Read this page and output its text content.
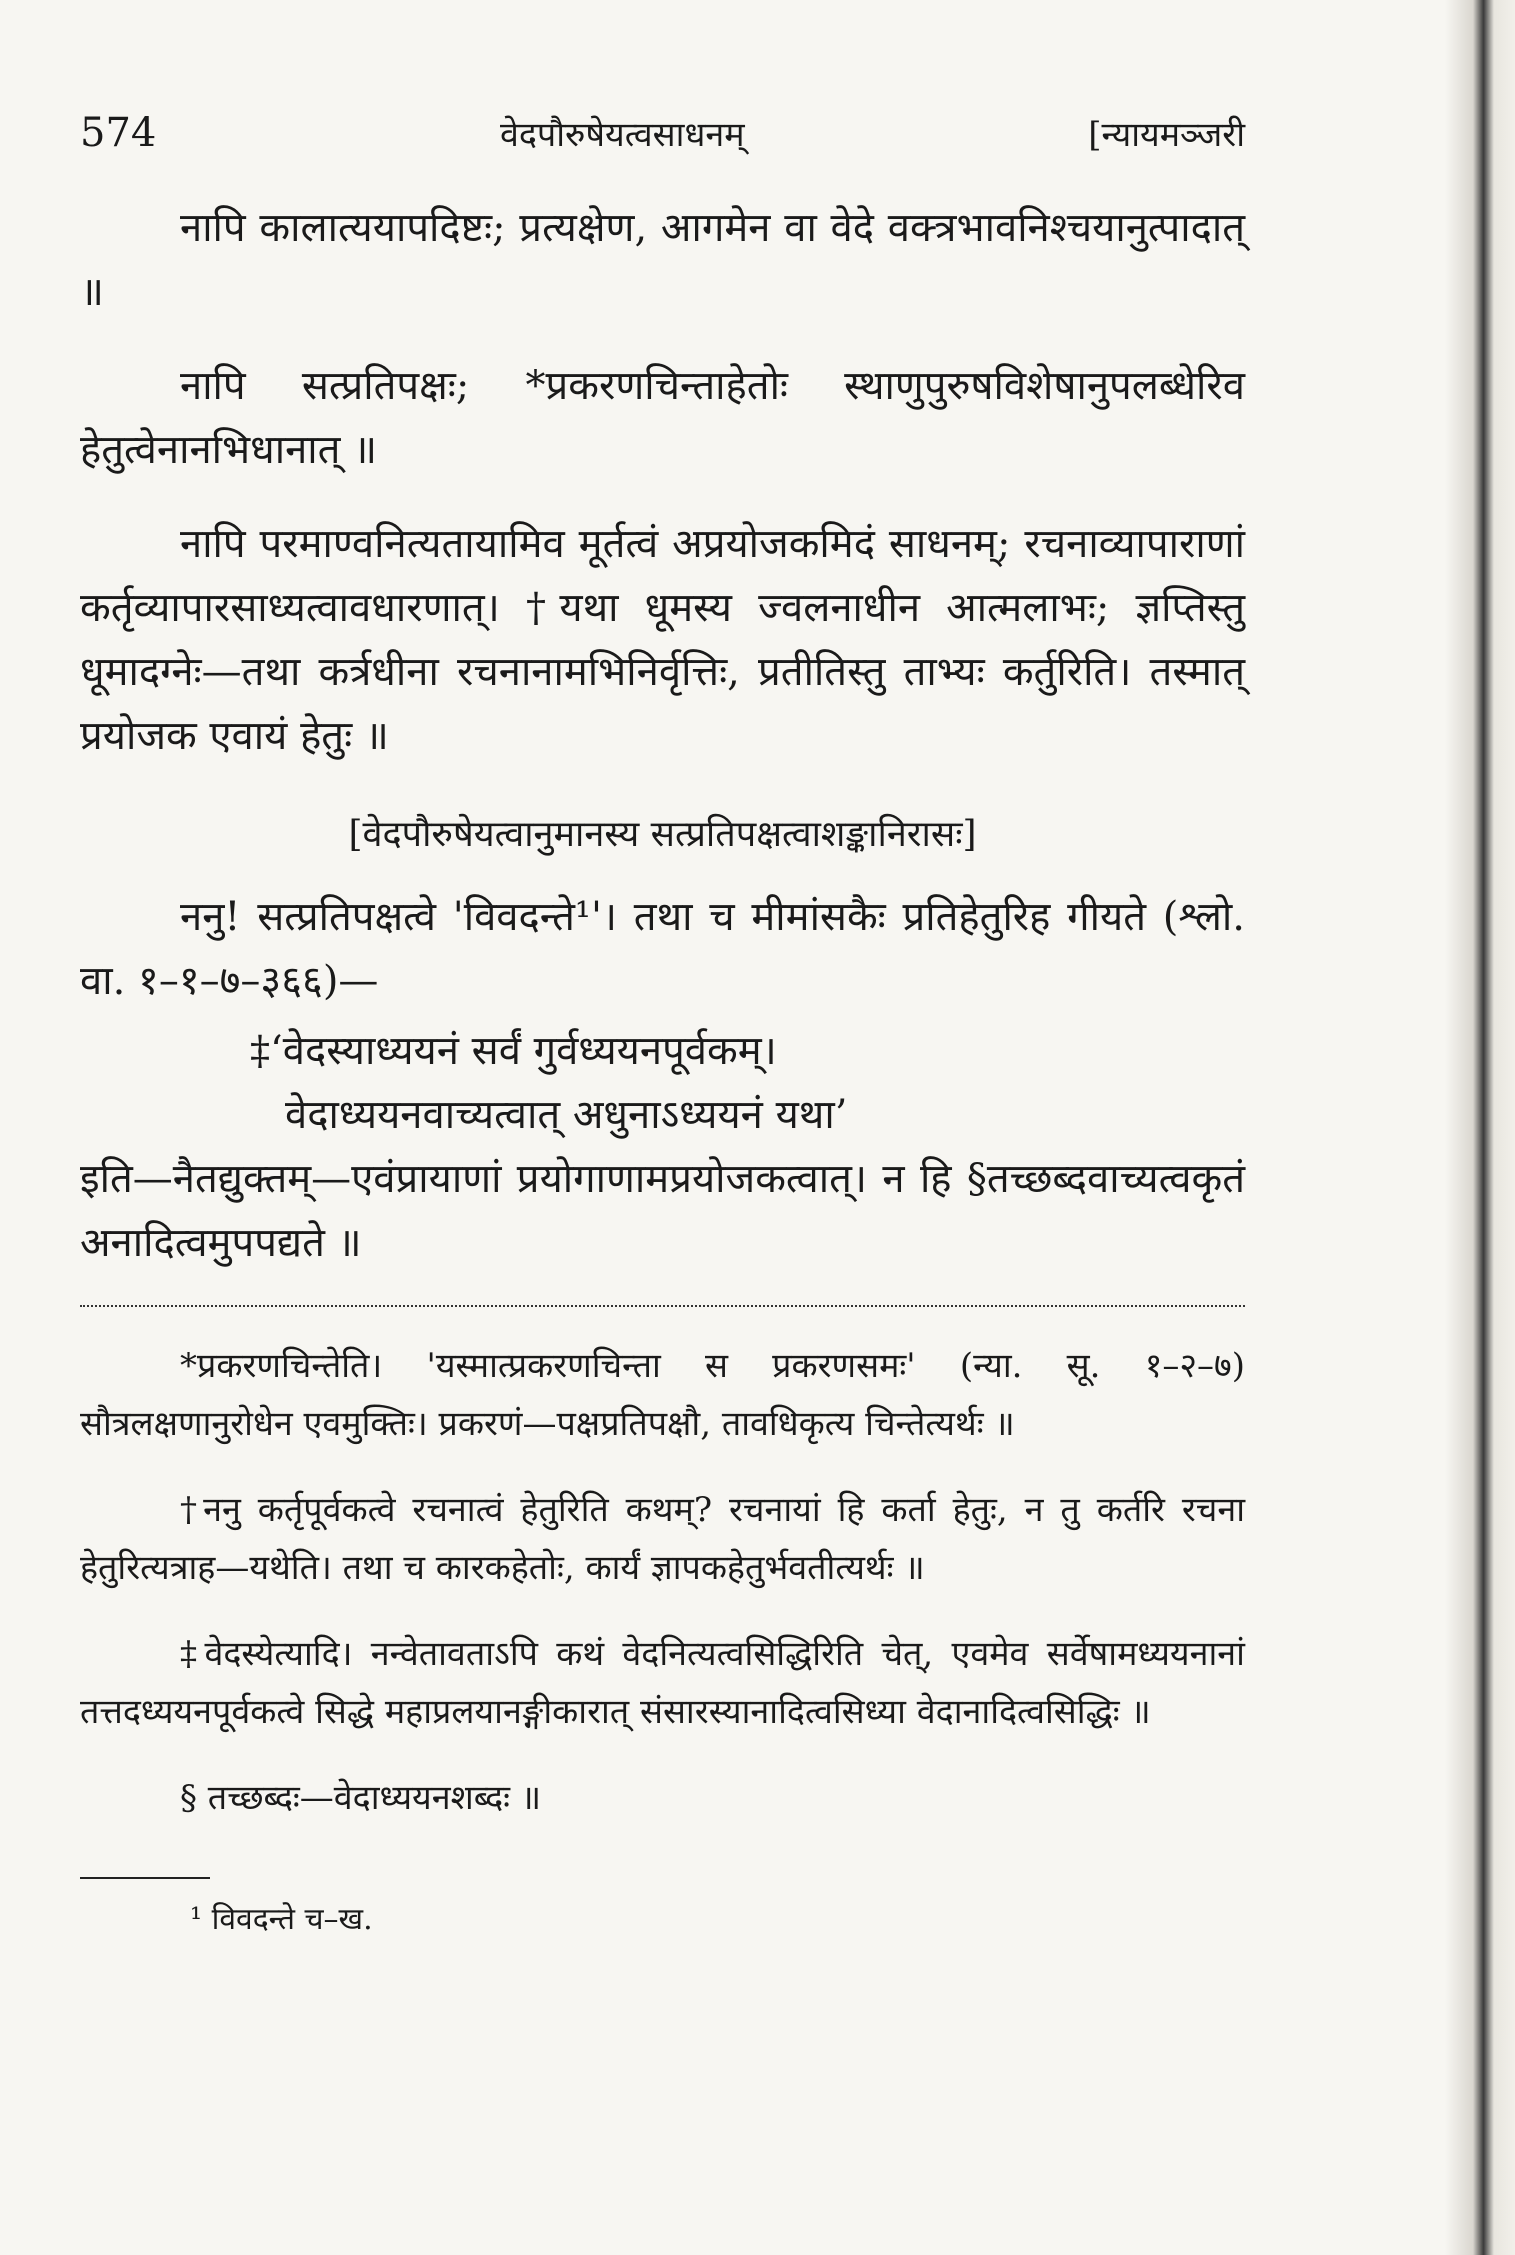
574	वेदपौरुषेयत्वसाधनम्	[न्यायमञ्जरी

नापि कालात्ययापदिष्टः; प्रत्यक्षेण, आगमेन वा वेदे वक्त्रभावनिश्चयानुत्पादात् ॥

नापि सत्प्रतिपक्षः; *प्रकरणचिन्ताहेतोः स्थाणुपुरुषविशेषानुपलब्धेरिव हेतुत्वेनानभिधानात् ॥

नापि परमाण्वनित्यतायामिव मूर्तत्वं अप्रयोजकमिदं साधनम्; रचनाव्यापाराणां कर्तृव्यापारसाध्यत्वावधारणात्। †यथा धूमस्य ज्वलनाधीन आत्मलाभः; ज्ञप्तिस्तु धूमादग्नेः—तथा कर्त्रधीना रचनानामभिनिर्वृत्तिः, प्रतीतिस्तु ताभ्यः कर्तुरिति। तस्मात् प्रयोजक एवायं हेतुः ॥

[वेदपौरुषेयत्वानुमानस्य सत्प्रतिपक्षत्वाशङ्कानिरासः]

ननु! सत्प्रतिपक्षत्वे 'विवदन्ते¹'। तथा च मीमांसकैः प्रतिहेतुरिह गीयते (श्लो. वा. १–१–७–३६६)—

‡‘वेदस्याध्ययनं सर्वं गुर्वध्ययनपूर्वकम्।
वेदाध्ययनवाच्यत्वात् अधुनाऽध्ययनं यथा’

इति—नैतद्युक्तम्—एवंप्रायाणां प्रयोगाणामप्रयोजकत्वात्। न हि §तच्छब्दवाच्यत्वकृतं अनादित्वमुपपद्यते ॥

*प्रकरणचिन्तेति। 'यस्मात्प्रकरणचिन्ता स प्रकरणसमः' (न्या. सू. १–२–७) सौत्रलक्षणानुरोधेन एवमुक्तिः। प्रकरणं—पक्षप्रतिपक्षौ, तावधिकृत्य चिन्तेत्यर्थः ॥

†ननु कर्तृपूर्वकत्वे रचनात्वं हेतुरिति कथम्? रचनायां हि कर्ता हेतुः, न तु कर्तरि रचना हेतुरित्यत्राह—यथेति। तथा च कारकहेतोः, कार्यं ज्ञापकहेतुर्भवतीत्यर्थः ॥

‡वेदस्येत्यादि। नन्वेतावताऽपि कथं वेदनित्यत्वसिद्धिरिति चेत्, एवमेव सर्वेषामध्ययनानां तत्तदध्ययनपूर्वकत्वे सिद्धे महाप्रलयानङ्गीकारात् संसारस्यानादित्वसिध्या वेदानादित्वसिद्धिः ॥

§ तच्छब्दः—वेदाध्ययनशब्दः ॥

¹ विवदन्ते च–ख.
